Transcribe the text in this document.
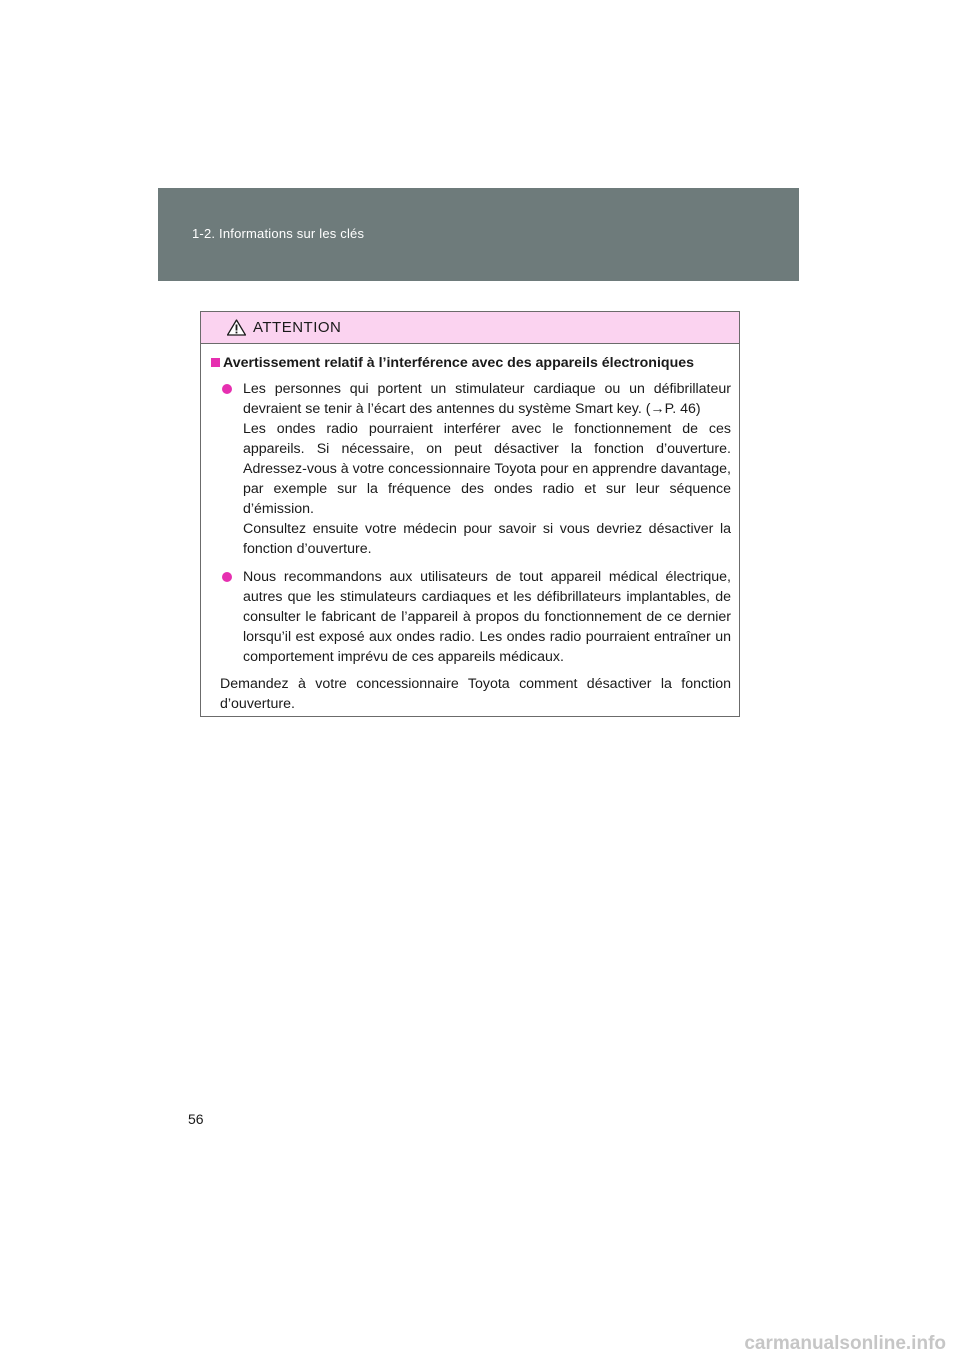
1-2. Informations sur les clés
ATTENTION
Avertissement relatif à l’interférence avec des appareils électroniques

Les personnes qui portent un stimulateur cardiaque ou un défibrillateur devraient se tenir à l’écart des antennes du système Smart key. (→P. 46)

Les ondes radio pourraient interférer avec le fonctionnement de ces appareils. Si nécessaire, on peut désactiver la fonction d’ouverture. Adressez-vous à votre concessionnaire Toyota pour en apprendre davantage, par exemple sur la fréquence des ondes radio et sur leur séquence d’émission.

Consultez ensuite votre médecin pour savoir si vous devriez désactiver la fonction d’ouverture.

Nous recommandons aux utilisateurs de tout appareil médical électrique, autres que les stimulateurs cardiaques et les défibrillateurs implantables, de consulter le fabricant de l’appareil à propos du fonctionnement de ce dernier lorsqu’il est exposé aux ondes radio. Les ondes radio pourraient entraîner un comportement imprévu de ces appareils médicaux.

Demandez à votre concessionnaire Toyota comment désactiver la fonction d’ouverture.

56
carmanualsonline.info
